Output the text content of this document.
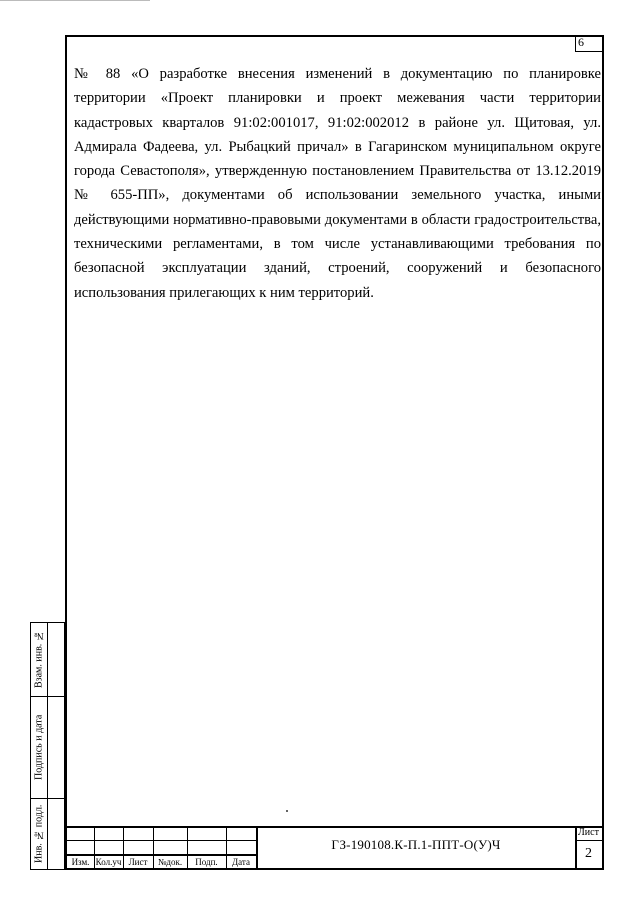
6
№ 88 «О разработке внесения изменений в документацию по планировке территории «Проект планировки и проект межевания части территории кадастровых кварталов 91:02:001017, 91:02:002012 в районе ул. Щитовая, ул. Адмирала Фадеева, ул. Рыбацкий причал» в Гагаринском муниципальном округе города Севастополя», утвержденную постановлением Правительства от 13.12.2019 № 655-ПП», документами об использовании земельного участка, иными действующими нормативно-правовыми документами в области градостроительства, техническими регламентами, в том числе устанавливающими требования по безопасной эксплуатации зданий, строений, сооружений и безопасного использования прилегающих к ним территорий.
Взам. инв. №
Подпись и дата
Инв. № подл.	Изм. Кол.уч Лист	№док.	Подп.	Дата
ГЗ-190108.К-П.1-ППТ-О(У)Ч
Лист
2
